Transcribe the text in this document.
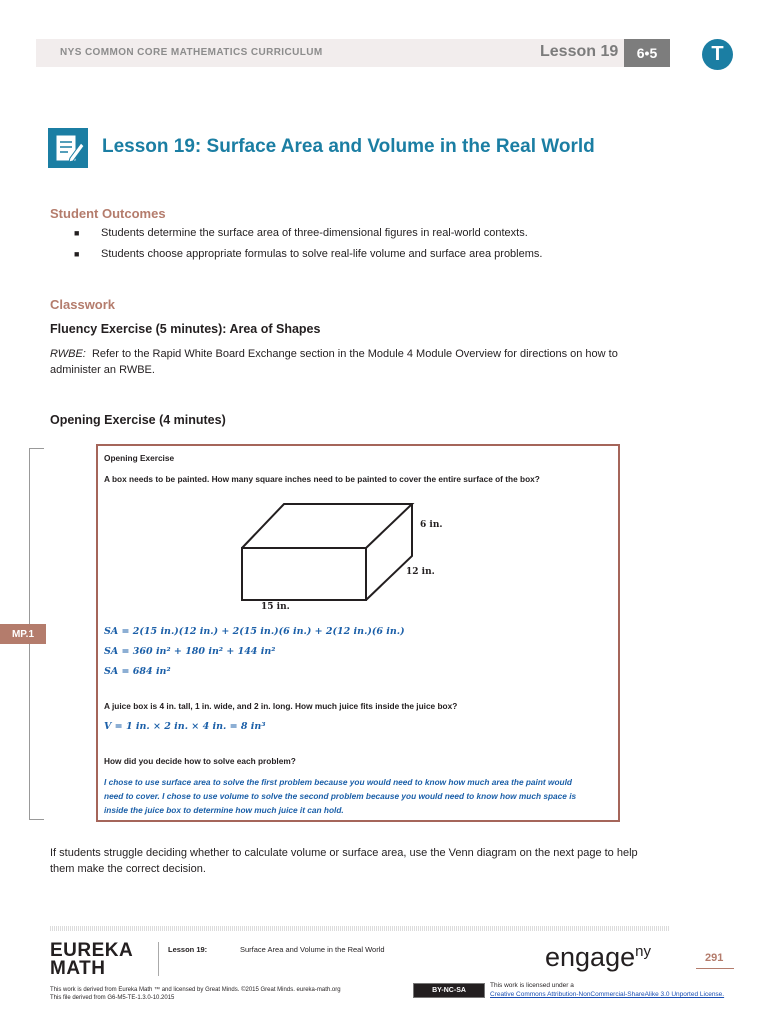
NYS COMMON CORE MATHEMATICS CURRICULUM	Lesson 19	6•5	T
Lesson 19: Surface Area and Volume in the Real World
Student Outcomes
■ Students determine the surface area of three-dimensional figures in real-world contexts.
■ Students choose appropriate formulas to solve real-life volume and surface area problems.
Classwork
Fluency Exercise (5 minutes): Area of Shapes
RWBE: Refer to the Rapid White Board Exchange section in the Module 4 Module Overview for directions on how to
administer an RWBE.
Opening Exercise (4 minutes)
MP.1
Opening Exercise
A box needs to be painted. How many square inches need to be painted to cover the entire surface of the box?
6 in.
12 in.
15 in.
SA = 2(15 in.)(12 in.) + 2(15 in.)(6 in.) + 2(12 in.)(6 in.)
SA = 360 in² + 180 in² + 144 in²
SA = 684 in²
A juice box is 4 in. tall, 1 in. wide, and 2 in. long. How much juice fits inside the juice box?
V = 1 in. × 2 in. × 4 in. = 8 in³
How did you decide how to solve each problem?
I chose to use surface area to solve the first problem because you would need to know how much area the paint would
need to cover. I chose to use volume to solve the second problem because you would need to know how much space is
inside the juice box to determine how much juice it can hold.
If students struggle deciding whether to calculate volume or surface area, use the Venn diagram on the next page to help
them make the correct decision.
EUREKA
MATH
Lesson 19:	Surface Area and Volume in the Real World
This work is derived from Eureka Math ™ and licensed by Great Minds. ©2015 Great Minds. eureka-math.org
This file derived from G6-M5-TE-1.3.0-10.2015
engage$^{ny}$	291
BY-NC-SA
This work is licensed under a
Creative Commons Attribution-NonCommercial-ShareAlike 3.0 Unported License.
